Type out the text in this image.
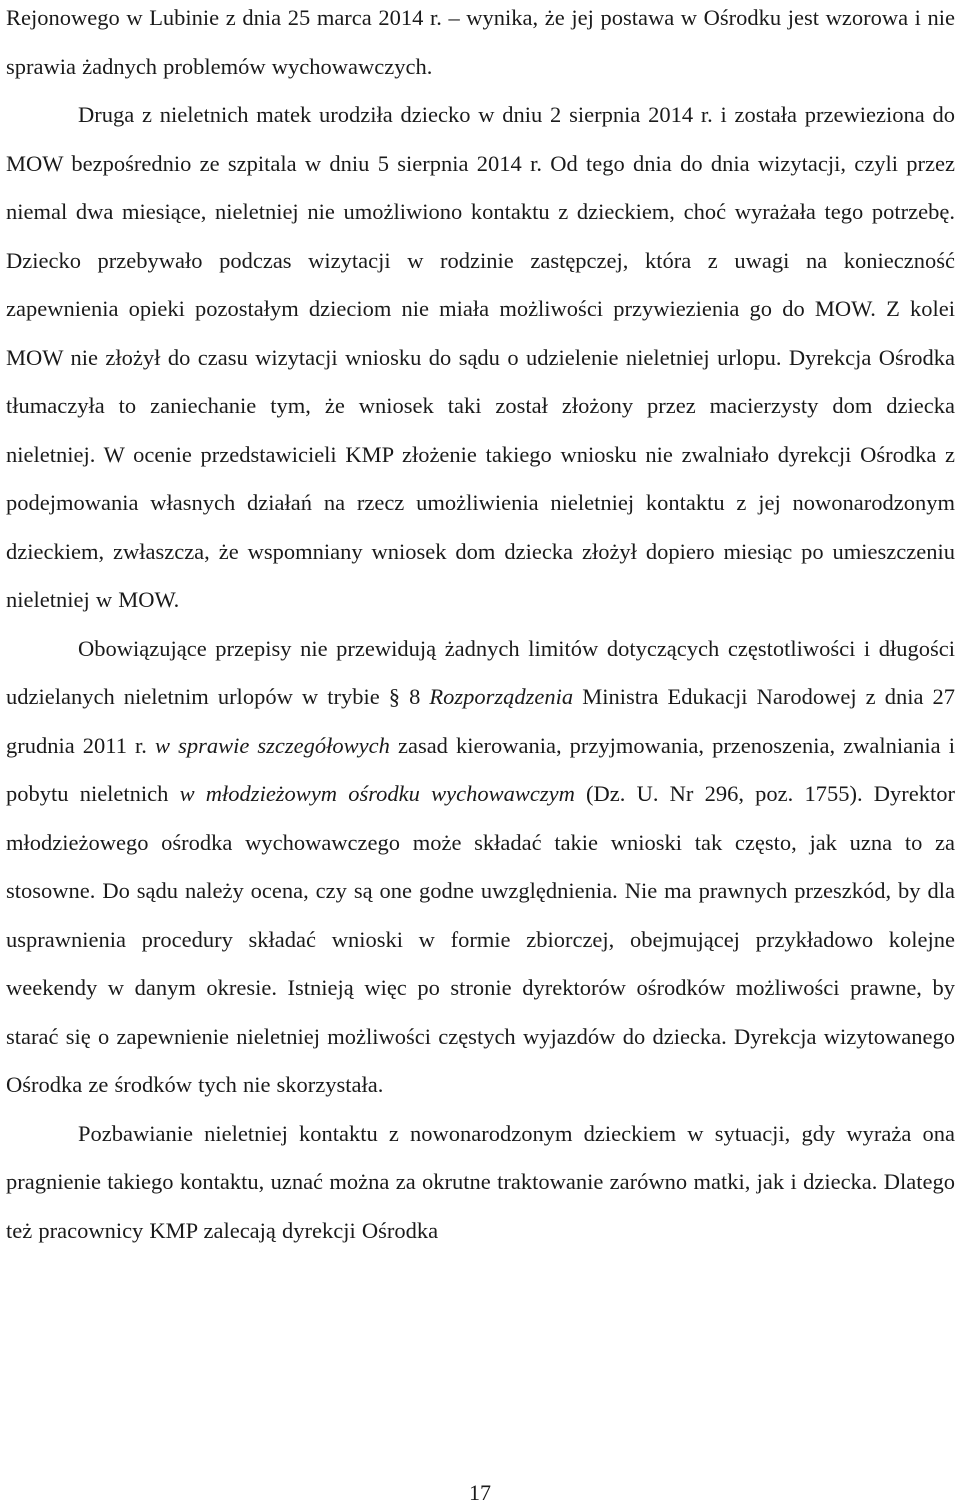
Rejonowego w Lubinie z dnia 25 marca 2014 r. – wynika, że jej postawa w Ośrodku jest wzorowa i nie sprawia żadnych problemów wychowawczych.

Druga z nieletnich matek urodziła dziecko w dniu 2 sierpnia 2014 r. i została przewieziona do MOW bezpośrednio ze szpitala w dniu 5 sierpnia 2014 r. Od tego dnia do dnia wizytacji, czyli przez niemal dwa miesiące, nieletniej nie umożliwiono kontaktu z dzieckiem, choć wyrażała tego potrzebę. Dziecko przebywało podczas wizytacji w rodzinie zastępczej, która z uwagi na konieczność zapewnienia opieki pozostałym dzieciom nie miała możliwości przywiezienia go do MOW. Z kolei MOW nie złożył do czasu wizytacji wniosku do sądu o udzielenie nieletniej urlopu. Dyrekcja Ośrodka tłumaczyła to zaniechanie tym, że wniosek taki został złożony przez macierzysty dom dziecka nieletniej. W ocenie przedstawicieli KMP złożenie takiego wniosku nie zwalniało dyrekcji Ośrodka z podejmowania własnych działań na rzecz umożliwienia nieletniej kontaktu z jej nowonarodzonym dzieckiem, zwłaszcza, że wspomniany wniosek dom dziecka złożył dopiero miesiąc po umieszczeniu nieletniej w MOW.

Obowiązujące przepisy nie przewidują żadnych limitów dotyczących częstotliwości i długości udzielanych nieletnim urlopów w trybie § 8 Rozporządzenia Ministra Edukacji Narodowej z dnia 27 grudnia 2011 r. w sprawie szczegółowych zasad kierowania, przyjmowania, przenoszenia, zwalniania i pobytu nieletnich w młodzieżowym ośrodku wychowawczym (Dz. U. Nr 296, poz. 1755). Dyrektor młodzieżowego ośrodka wychowawczego może składać takie wnioski tak często, jak uzna to za stosowne. Do sądu należy ocena, czy są one godne uwzględnienia. Nie ma prawnych przeszkód, by dla usprawnienia procedury składać wnioski w formie zbiorczej, obejmującej przykładowo kolejne weekendy w danym okresie. Istnieją więc po stronie dyrektorów ośrodków możliwości prawne, by starać się o zapewnienie nieletniej możliwości częstych wyjazdów do dziecka. Dyrekcja wizytowanego Ośrodka ze środków tych nie skorzystała.

Pozbawianie nieletniej kontaktu z nowonarodzonym dzieckiem w sytuacji, gdy wyraża ona pragnienie takiego kontaktu, uznać można za okrutne traktowanie zarówno matki, jak i dziecka. Dlatego też pracownicy KMP zalecają dyrekcji Ośrodka

17
